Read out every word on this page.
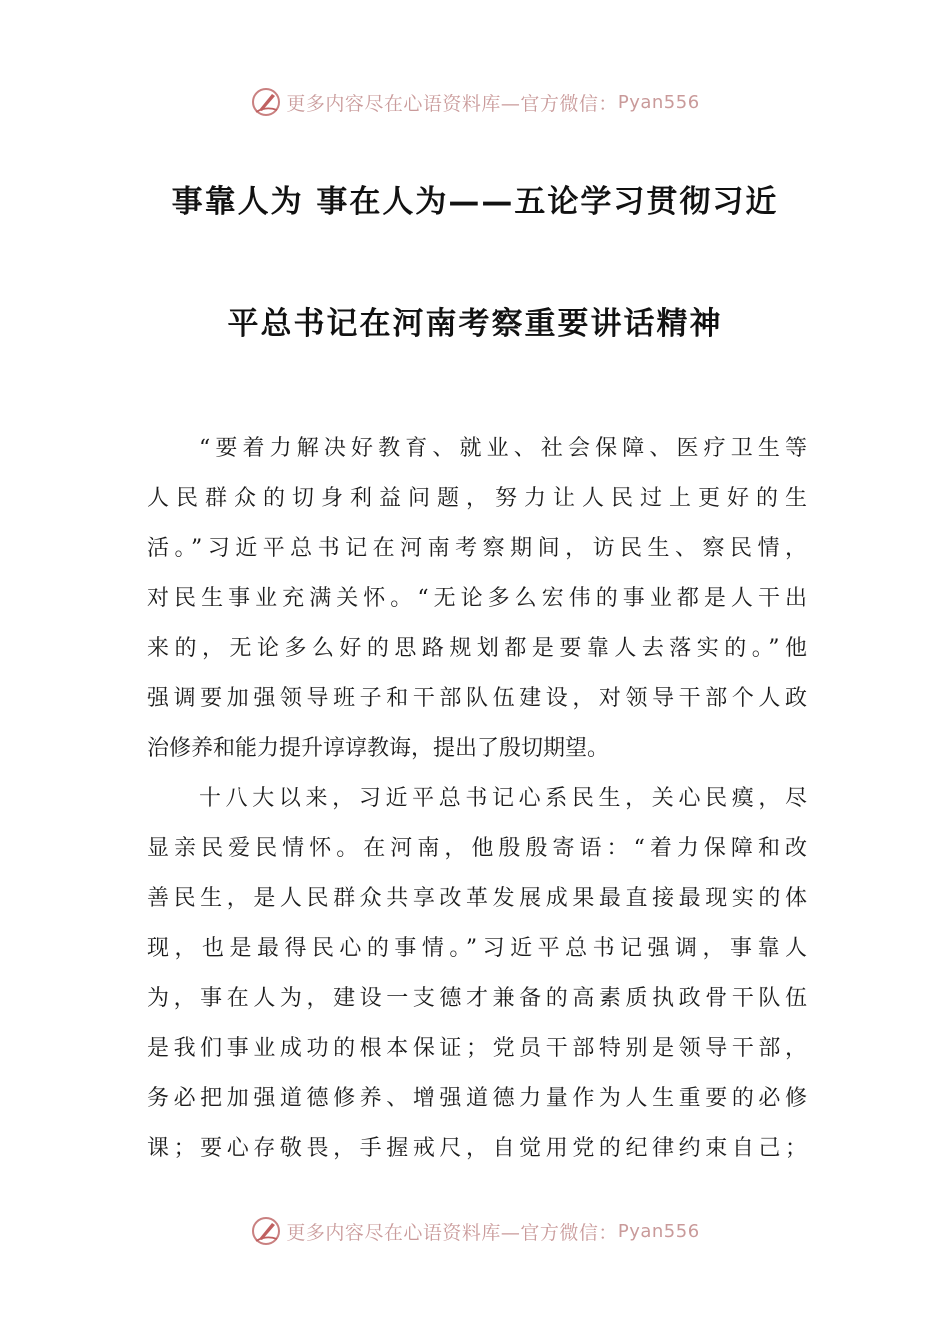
更多内容尽在心语资料库—官方微信： Pyan556
事靠人为 事在人为——五论学习贯彻习近
平总书记在河南考察重要讲话精神
“要着力解决好教育、就业、社会保障、医疗卫生等
人民群众的切身利益问题，努力让人民过上更好的生
活。”习近平总书记在河南考察期间，访民生、察民情，
对民生事业充满关怀。“无论多么宏伟的事业都是人干出
来的，无论多么好的思路规划都是要靠人去落实的。”他
强调要加强领导班子和干部队伍建设，对领导干部个人政
治修养和能力提升谆谆教诲，提出了殷切期望。
十八大以来，习近平总书记心系民生，关心民瘼，尽
显亲民爱民情怀。在河南，他殷殷寄语：“着力保障和改
善民生，是人民群众共享改革发展成果最直接最现实的体
现，也是最得民心的事情。”习近平总书记强调，事靠人
为，事在人为，建设一支德才兼备的高素质执政骨干队伍
是我们事业成功的根本保证；党员干部特别是领导干部，
务必把加强道德修养、增强道德力量作为人生重要的必修
课；要心存敬畏，手握戒尺，自觉用党的纪律约束自己；
更多内容尽在心语资料库—官方微信： Pyan556
